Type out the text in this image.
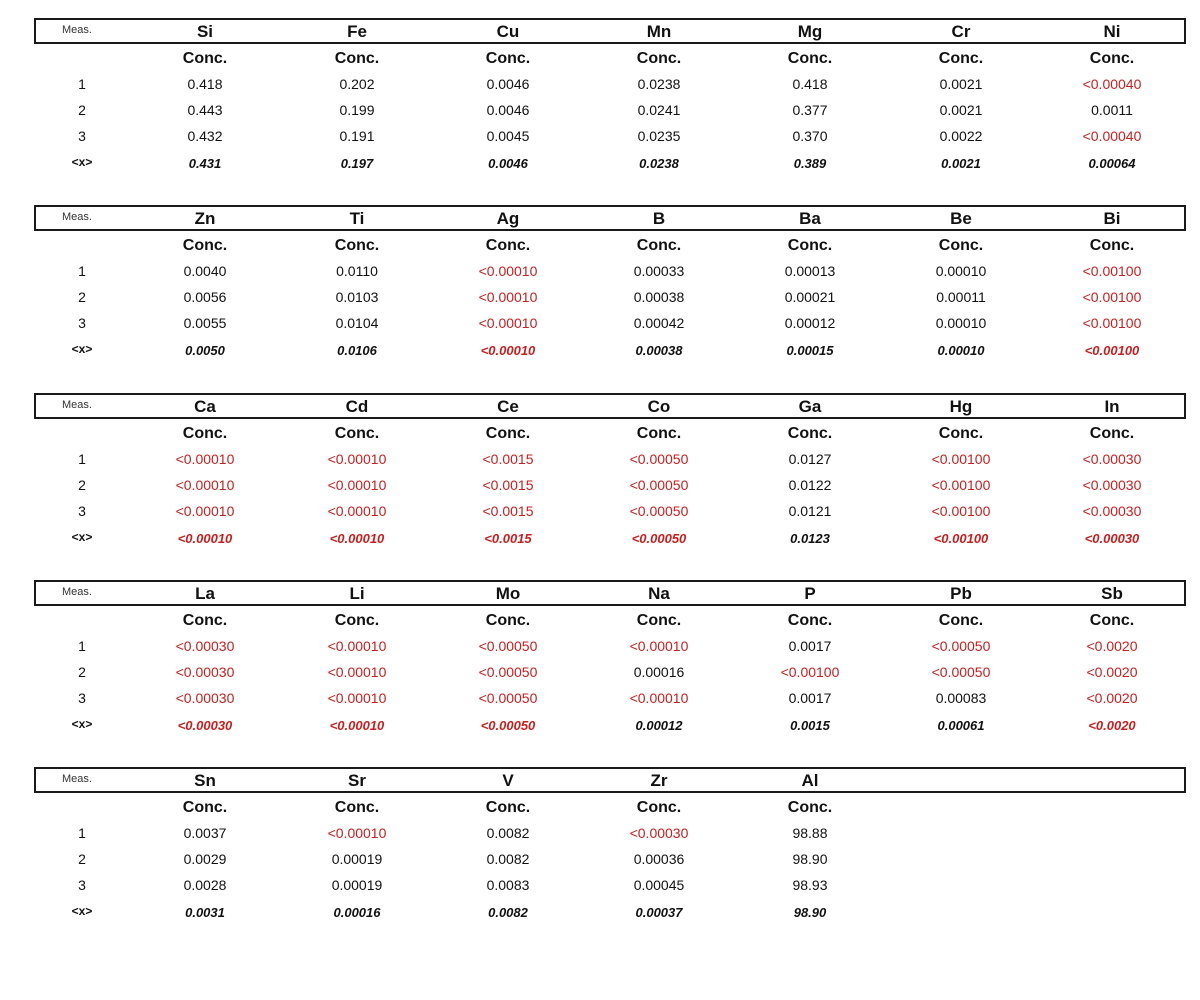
Meas.
1
2
3
<x>
Si
Conc.
0.418
0.443
0.432
0.431
Fe
Conc.
0.202
0.199
0.191
0.197
Cu
Conc.
0.0046
0.0046
0.0045
0.0046
Mn
Conc.
0.0238
0.0241
0.0235
0.0238
Mg
Conc.
0.418
0.377
0.370
0.389
Cr
Conc.
0.0021
0.0021
0.0022
0.0021
Ni
Conc.
<0.00040
0.0011
<0.00040
0.00064
Meas.
1
2
3
<x>
Zn
Conc.
0.0040
0.0056
0.0055
0.0050
Ti
Conc.
0.0110
0.0103
0.0104
0.0106
Ag
Conc.
<0.00010
<0.00010
<0.00010
<0.00010
B
Conc.
0.00033
0.00038
0.00042
0.00038
Ba
Conc.
0.00013
0.00021
0.00012
0.00015
Be
Conc.
0.00010
0.00011
0.00010
0.00010
Bi
Conc.
<0.00100
<0.00100
<0.00100
<0.00100
Meas.
1
2
3
<x>
Ca
Conc.
<0.00010
<0.00010
<0.00010
<0.00010
Cd
Conc.
<0.00010
<0.00010
<0.00010
<0.00010
Ce
Conc.
<0.0015
<0.0015
<0.0015
<0.0015
Co
Conc.
<0.00050
<0.00050
<0.00050
<0.00050
Ga
Conc.
0.0127
0.0122
0.0121
0.0123
Hg
Conc.
<0.00100
<0.00100
<0.00100
<0.00100
In
Conc.
<0.00030
<0.00030
<0.00030
<0.00030
Meas.
1
2
3
<x>
La
Conc.
<0.00030
<0.00030
<0.00030
<0.00030
Li
Conc.
<0.00010
<0.00010
<0.00010
<0.00010
Mo
Conc.
<0.00050
<0.00050
<0.00050
<0.00050
Na
Conc.
<0.00010
0.00016
<0.00010
0.00012
P
Conc.
0.0017
<0.00100
0.0017
0.0015
Pb
Conc.
<0.00050
<0.00050
0.00083
0.00061
Sb
Conc.
<0.0020
<0.0020
<0.0020
<0.0020
Meas.
1
2
3
<x>
Sn
Conc.
0.0037
0.0029
0.0028
0.0031
Sr
Conc.
<0.00010
0.00019
0.00019
0.00016
V
Conc.
0.0082
0.0082
0.0083
0.0082
Zr
Conc.
<0.00030
0.00036
0.00045
0.00037
Al
Conc.
98.88
98.90
98.93
98.90
